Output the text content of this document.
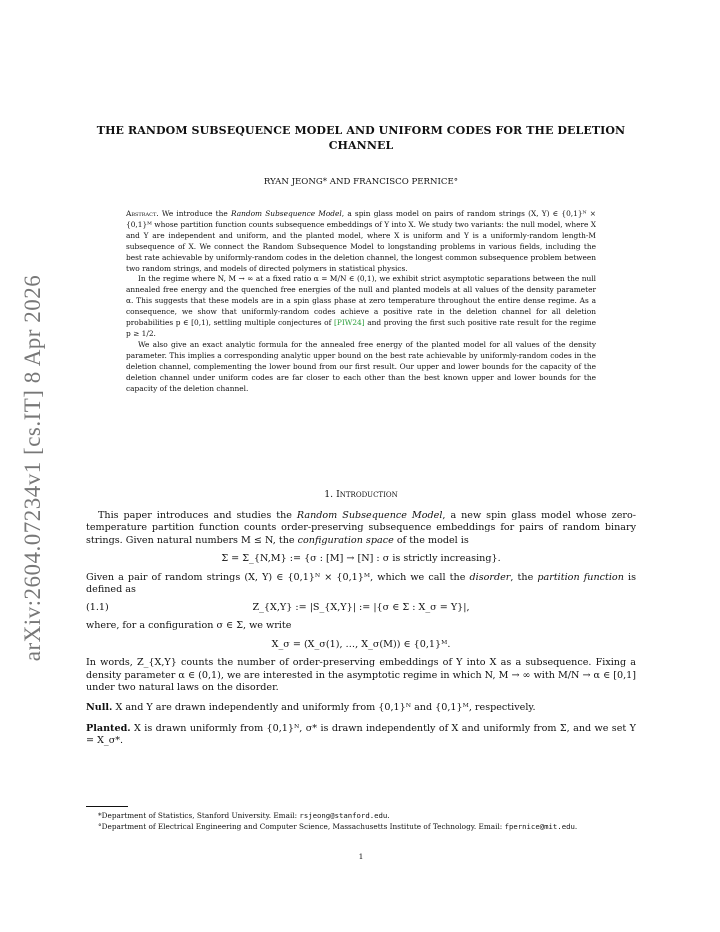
arXiv:2604.07234v1 [cs.IT] 8 Apr 2026
THE RANDOM SUBSEQUENCE MODEL AND UNIFORM CODES FOR THE DELETION
CHANNEL
RYAN JEONG* AND FRANCISCO PERNICE°

Abstract. We introduce the Random Subsequence Model, a spin glass model on pairs of random strings (X, Y) ∈ {0,1}ᴺ × {0,1}ᴹ whose partition function counts subsequence embeddings of Y into X. We study two variants: the null model, where X and Y are independent and uniform, and the planted model, where X is uniform and Y is a uniformly-random length-M subsequence of X. We connect the Random Subsequence Model to longstanding problems in various fields, including the best rate achievable by uniformly-random codes in the deletion channel, the longest common subsequence problem between two random strings, and models of directed polymers in statistical physics.

In the regime where N, M → ∞ at a fixed ratio α = M/N ∈ (0,1), we exhibit strict asymptotic separations between the null annealed free energy and the quenched free energies of the null and planted models at all values of the density parameter α. This suggests that these models are in a spin glass phase at zero temperature throughout the entire dense regime. As a consequence, we show that uniformly-random codes achieve a positive rate in the deletion channel for all deletion probabilities p ∈ [0,1), settling multiple conjectures of [PIW24] and proving the first such positive rate result for the regime p ≥ 1/2.

We also give an exact analytic formula for the annealed free energy of the planted model for all values of the density parameter. This implies a corresponding analytic upper bound on the best rate achievable by uniformly-random codes in the deletion channel, complementing the lower bound from our first result. Our upper and lower bounds for the capacity of the deletion channel under uniform codes are far closer to each other than the best known upper and lower bounds for the capacity of the deletion channel.

1. Introduction

This paper introduces and studies the Random Subsequence Model, a new spin glass model whose zero-temperature partition function counts order-preserving subsequence embeddings for pairs of random binary strings. Given natural numbers M ≤ N, the configuration space of the model is

Σ = Σ_{N,M} := {σ : [M] → [N] : σ is strictly increasing}.

Given a pair of random strings (X, Y) ∈ {0,1}ᴺ × {0,1}ᴹ, which we call the disorder, the partition function is defined as

Z_{X,Y} := |S_{X,Y}| := |{σ ∈ Σ : X_σ = Y}|,
(1.1)

where, for a configuration σ ∈ Σ, we write

X_σ = (X_σ(1), …, X_σ(M)) ∈ {0,1}ᴹ.

In words, Z_{X,Y} counts the number of order-preserving embeddings of Y into X as a subsequence. Fixing a density parameter α ∈ (0,1), we are interested in the asymptotic regime in which N, M → ∞ with M/N → α ∈ [0,1] under two natural laws on the disorder.

Null. X and Y are drawn independently and uniformly from {0,1}ᴺ and {0,1}ᴹ, respectively.

Planted. X is drawn uniformly from {0,1}ᴺ, σ* is drawn independently of X and uniformly from Σ, and we set Y = X_σ*.

*Department of Statistics, Stanford University. Email: rsjeong@stanford.edu.

°Department of Electrical Engineering and Computer Science, Massachusetts Institute of Technology. Email: fpernice@mit.edu.

1
